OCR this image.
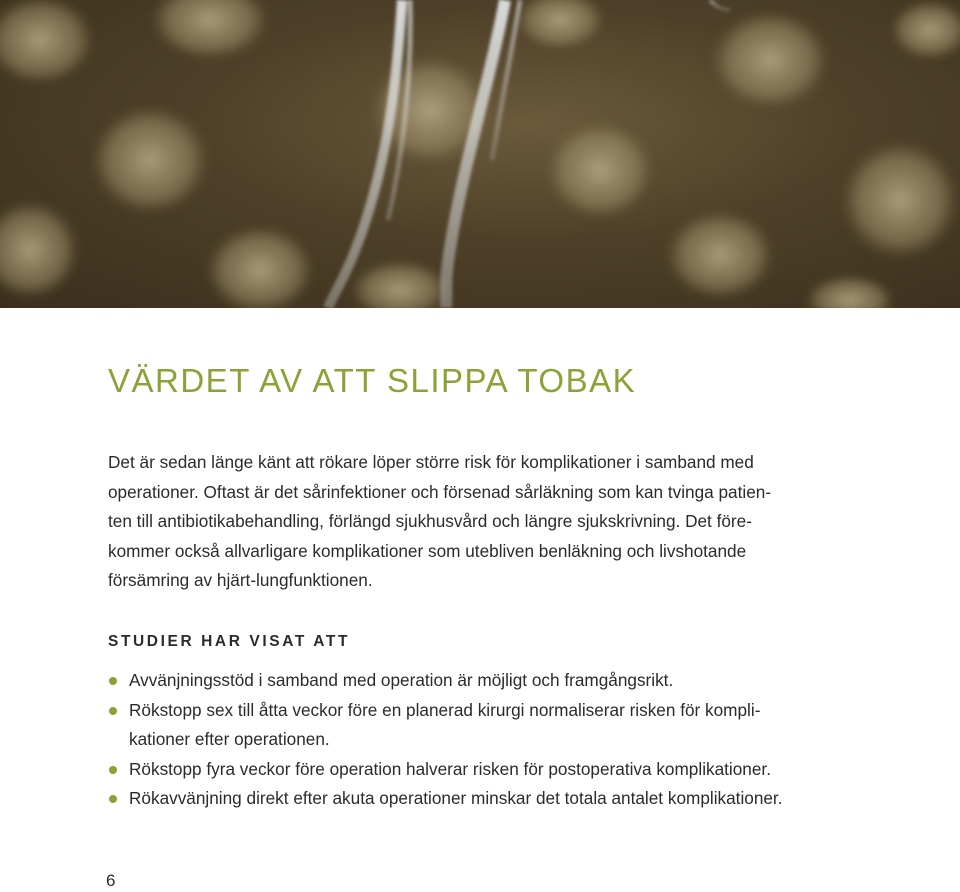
VÄRDET AV ATT SLIPPA TOBAK

Det är sedan länge känt att rökare löper större risk för komplikationer i samband med
operationer. Oftast är det sårinfektioner och försenad sårläkning som kan tvinga patien-
ten till antibiotikabehandling, förlängd sjukhusvård och längre sjukskrivning. Det före-
kommer också allvarligare komplikationer som utebliven benläkning och livshotande
försämring av hjärt-lungfunktionen.

STUDIER HAR VISAT ATT
Avvänjningsstöd i samband med operation är möjligt och framgångsrikt.
Rökstopp sex till åtta veckor före en planerad kirurgi normaliserar risken för kompli-
kationer efter operationen.
Rökstopp fyra veckor före operation halverar risken för postoperativa komplikationer.
Rökavvänjning direkt efter akuta operationer minskar det totala antalet komplikationer.
6
